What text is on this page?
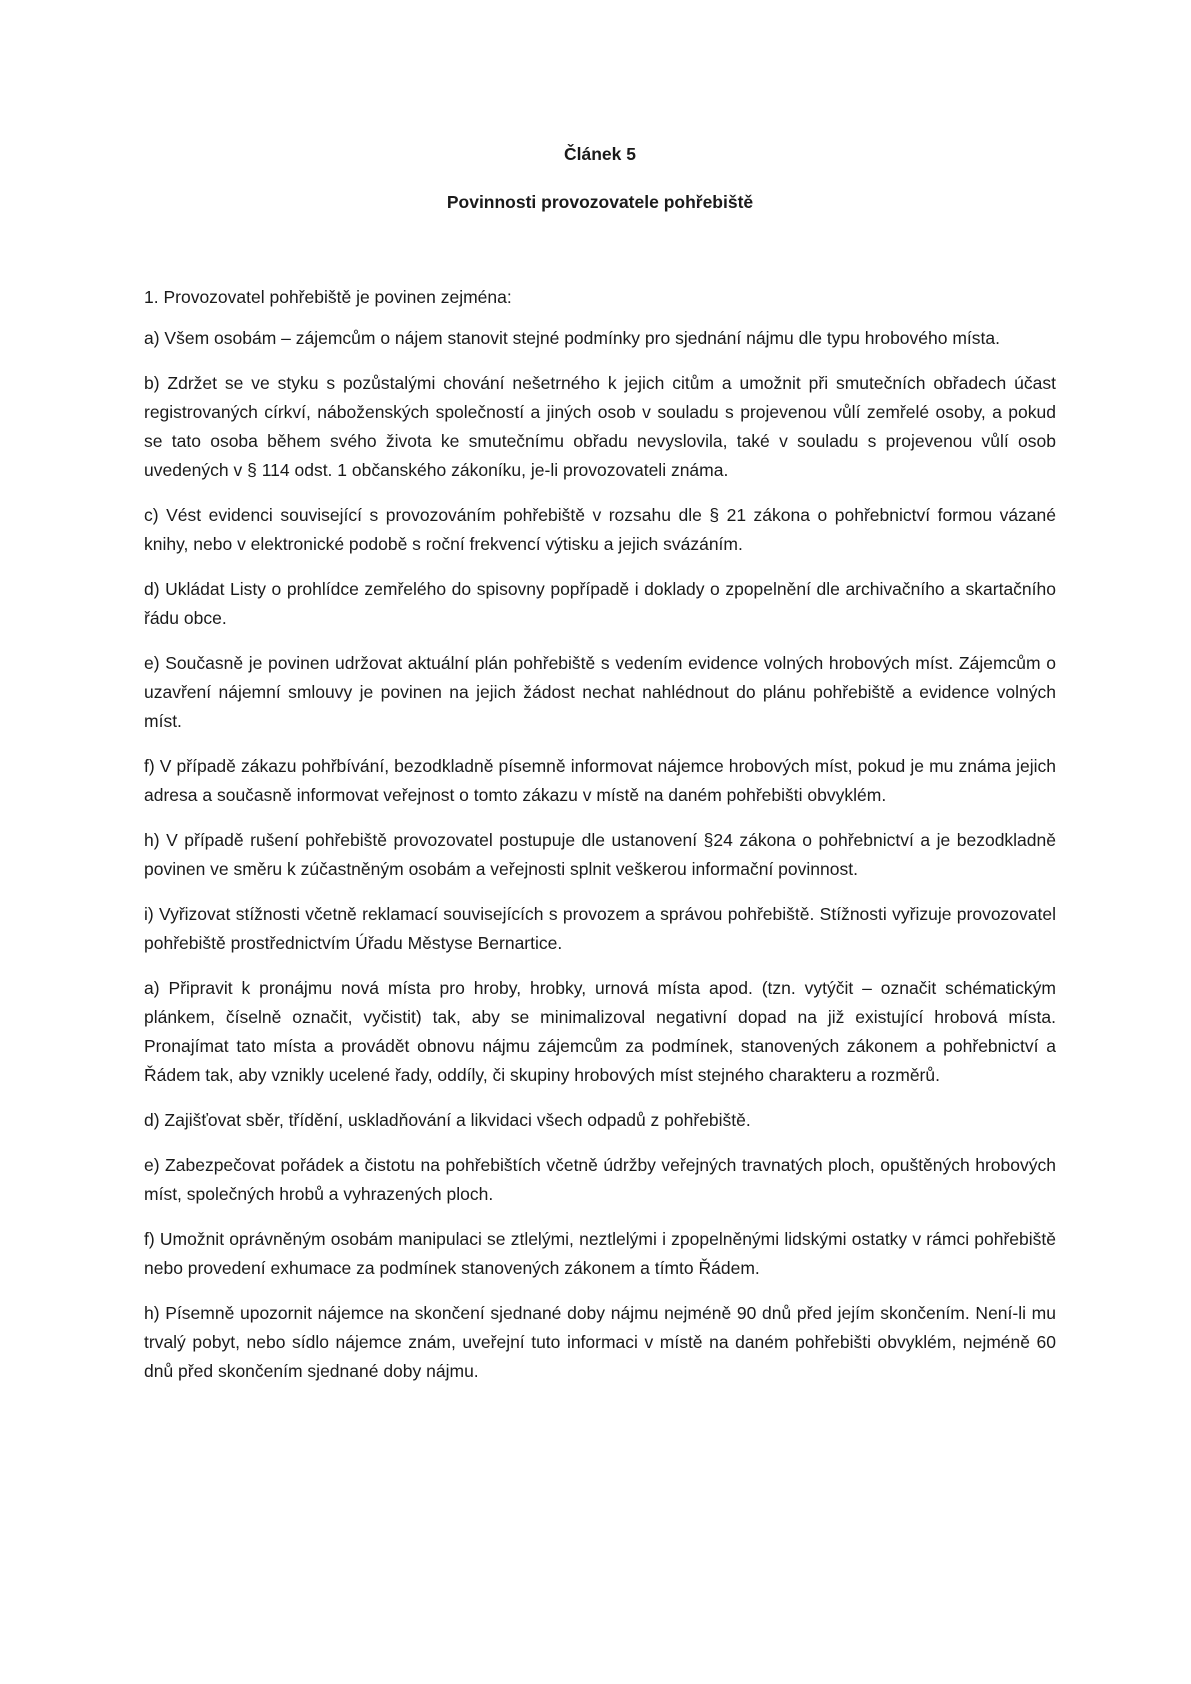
Článek 5

Povinnosti provozovatele pohřebiště

1. Provozovatel pohřebiště je povinen zejména:

a) Všem osobám – zájemcům o nájem stanovit stejné podmínky pro sjednání nájmu dle typu hrobového místa.

b) Zdržet se ve styku s pozůstalými chování nešetrného k jejich citům a umožnit při smutečních obřadech účast registrovaných církví, náboženských společností a jiných osob v souladu s projevenou vůlí zemřelé osoby, a pokud se tato osoba během svého života ke smutečnímu obřadu nevyslovila, také v souladu s projevenou vůlí osob uvedených v § 114 odst. 1 občanského zákoníku, je-li provozovateli známa.

c) Vést evidenci související s provozováním pohřebiště v rozsahu dle § 21 zákona o pohřebnictví formou vázané knihy, nebo v elektronické podobě s roční frekvencí výtisku a jejich svázáním.

d) Ukládat Listy o prohlídce zemřelého do spisovny popřípadě i doklady o zpopelnění dle archivačního a skartačního řádu obce.

e) Současně je povinen udržovat aktuální plán pohřebiště s vedením evidence volných hrobových míst. Zájemcům o uzavření nájemní smlouvy je povinen na jejich žádost nechat nahlédnout do plánu pohřebiště a evidence volných míst.

f) V případě zákazu pohřbívání, bezodkladně písemně informovat nájemce hrobových míst, pokud je mu známa jejich adresa a současně informovat veřejnost o tomto zákazu v místě na daném pohřebišti obvyklém.

h) V případě rušení pohřebiště provozovatel postupuje dle ustanovení §24 zákona o pohřebnictví a je bezodkladně povinen ve směru k zúčastněným osobám a veřejnosti splnit veškerou informační povinnost.

i) Vyřizovat stížnosti včetně reklamací souvisejících s provozem a správou pohřebiště. Stížnosti vyřizuje provozovatel pohřebiště prostřednictvím Úřadu Městyse Bernartice.

a) Připravit k pronájmu nová místa pro hroby, hrobky, urnová místa apod. (tzn. vytýčit – označit schématickým plánkem, číselně označit, vyčistit) tak, aby se minimalizoval negativní dopad na již existující hrobová místa. Pronajímat tato místa a provádět obnovu nájmu zájemcům za podmínek, stanovených zákonem a pohřebnictví a Řádem tak, aby vznikly ucelené řady, oddíly, či skupiny hrobových míst stejného charakteru a rozměrů.

d) Zajišťovat sběr, třídění, uskladňování a likvidaci všech odpadů z pohřebiště.

e) Zabezpečovat pořádek a čistotu na pohřebištích včetně údržby veřejných travnatých ploch, opuštěných hrobových míst, společných hrobů a vyhrazených ploch.

f) Umožnit oprávněným osobám manipulaci se ztlelými, neztlelými i zpopelněnými lidskými ostatky v rámci pohřebiště nebo provedení exhumace za podmínek stanovených zákonem a tímto Řádem.

h) Písemně upozornit nájemce na skončení sjednané doby nájmu nejméně 90 dnů před jejím skončením. Není-li mu trvalý pobyt, nebo sídlo nájemce znám, uveřejní tuto informaci v místě na daném pohřebišti obvyklém, nejméně 60 dnů před skončením sjednané doby nájmu.
